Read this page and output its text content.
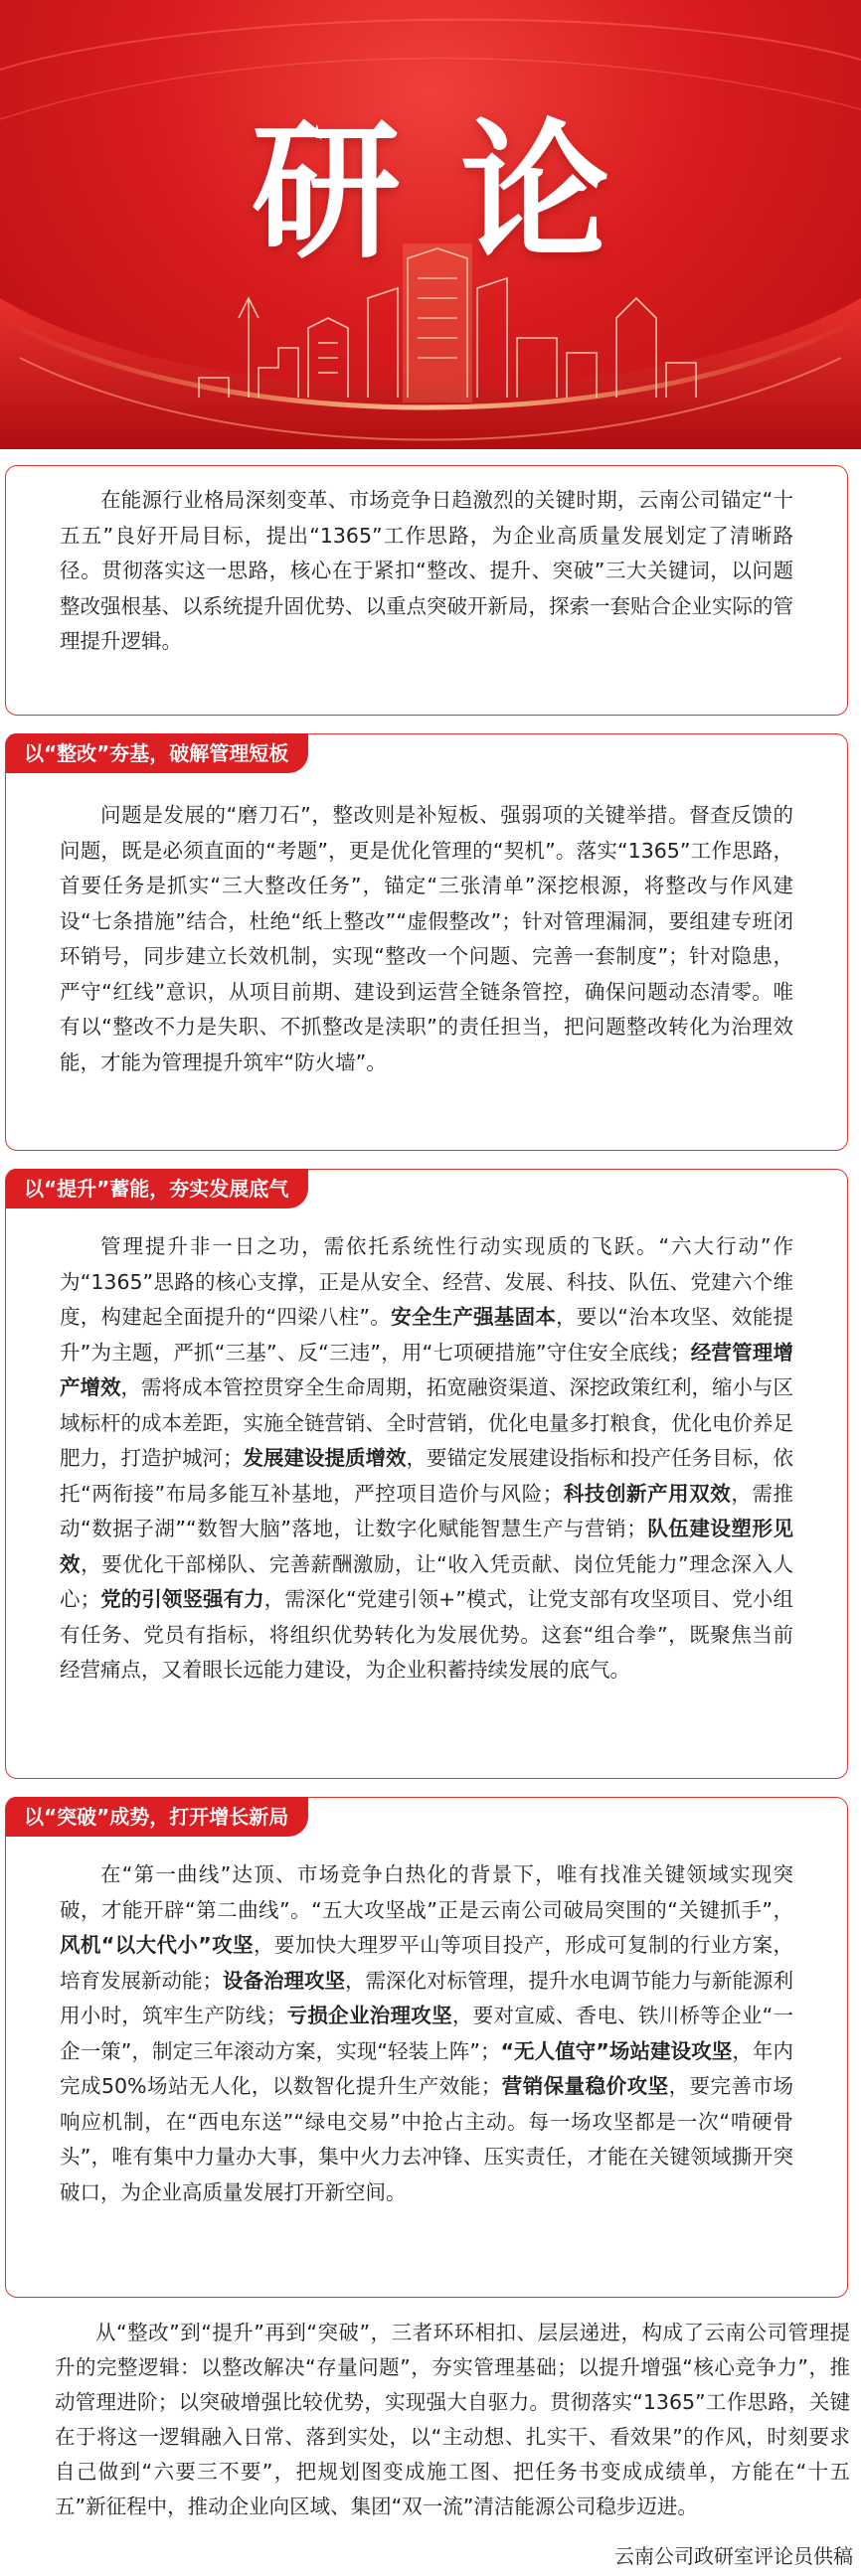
研论

在能源行业格局深刻变革、市场竞争日趋激烈的关键时期，云南公司锚定“十五五”良好开局目标，提出“1365”工作思路，为企业高质量发展划定了清晰路径。贯彻落实这一思路，核心在于紧扣“整改、提升、突破”三大关键词，以问题整改强根基、以系统提升固优势、以重点突破开新局，探索一套贴合企业实际的管理提升逻辑。

以“整改”夯基，破解管理短板

问题是发展的“磨刀石”，整改则是补短板、强弱项的关键举措。督查反馈的问题，既是必须直面的“考题”，更是优化管理的“契机”。落实“1365”工作思路，首要任务是抓实“三大整改任务”，锚定“三张清单”深挖根源，将整改与作风建设“七条措施”结合，杜绝“纸上整改”“虚假整改”；针对管理漏洞，要组建专班闭环销号，同步建立长效机制，实现“整改一个问题、完善一套制度”；针对隐患，严守“红线”意识，从项目前期、建设到运营全链条管控，确保问题动态清零。唯有以“整改不力是失职、不抓整改是渎职”的责任担当，把问题整改转化为治理效能，才能为管理提升筑牢“防火墙”。

以“提升”蓄能，夯实发展底气

管理提升非一日之功，需依托系统性行动实现质的飞跃。“六大行动”作为“1365”思路的核心支撑，正是从安全、经营、发展、科技、队伍、党建六个维度，构建起全面提升的“四梁八柱”。安全生产强基固本，要以“治本攻坚、效能提升”为主题，严抓“三基”、反“三违”，用“七项硬措施”守住安全底线；经营管理增产增效，需将成本管控贯穿全生命周期，拓宽融资渠道、深挖政策红利，缩小与区域标杆的成本差距，实施全链营销、全时营销，优化电量多打粮食，优化电价养足肥力，打造护城河；发展建设提质增效，要锚定发展建设指标和投产任务目标，依托“两衔接”布局多能互补基地，严控项目造价与风险；科技创新产用双效，需推动“数据子湖”“数智大脑”落地，让数字化赋能智慧生产与营销；队伍建设塑形见效，要优化干部梯队、完善薪酬激励，让“收入凭贡献、岗位凭能力”理念深入人心；党的引领竖强有力，需深化“党建引领+”模式，让党支部有攻坚项目、党小组有任务、党员有指标，将组织优势转化为发展优势。这套“组合拳”，既聚焦当前经营痛点，又着眼长远能力建设，为企业积蓄持续发展的底气。

以“突破”成势，打开增长新局

在“第一曲线”达顶、市场竞争白热化的背景下，唯有找准关键领域实现突破，才能开辟“第二曲线”。“五大攻坚战”正是云南公司破局突围的“关键抓手”，风机“以大代小”攻坚，要加快大理罗平山等项目投产，形成可复制的行业方案，培育发展新动能；设备治理攻坚，需深化对标管理，提升水电调节能力与新能源利用小时，筑牢生产防线；亏损企业治理攻坚，要对宣威、香电、铁川桥等企业“一企一策”，制定三年滚动方案，实现“轻装上阵”；“无人值守”场站建设攻坚，年内完成50%场站无人化，以数智化提升生产效能；营销保量稳价攻坚，要完善市场响应机制，在“西电东送”“绿电交易”中抢占主动。每一场攻坚都是一次“啃硬骨头”，唯有集中力量办大事，集中火力去冲锋、压实责任，才能在关键领域撕开突破口，为企业高质量发展打开新空间。

从“整改”到“提升”再到“突破”，三者环环相扣、层层递进，构成了云南公司管理提升的完整逻辑：以整改解决“存量问题”，夯实管理基础；以提升增强“核心竞争力”，推动管理进阶；以突破增强比较优势，实现强大自驱力。贯彻落实“1365”工作思路，关键在于将这一逻辑融入日常、落到实处，以“主动想、扎实干、看效果”的作风，时刻要求自己做到“六要三不要”，把规划图变成施工图、把任务书变成成绩单，方能在“十五五”新征程中，推动企业向区域、集团“双一流”清洁能源公司稳步迈进。

云南公司政研室评论员供稿
